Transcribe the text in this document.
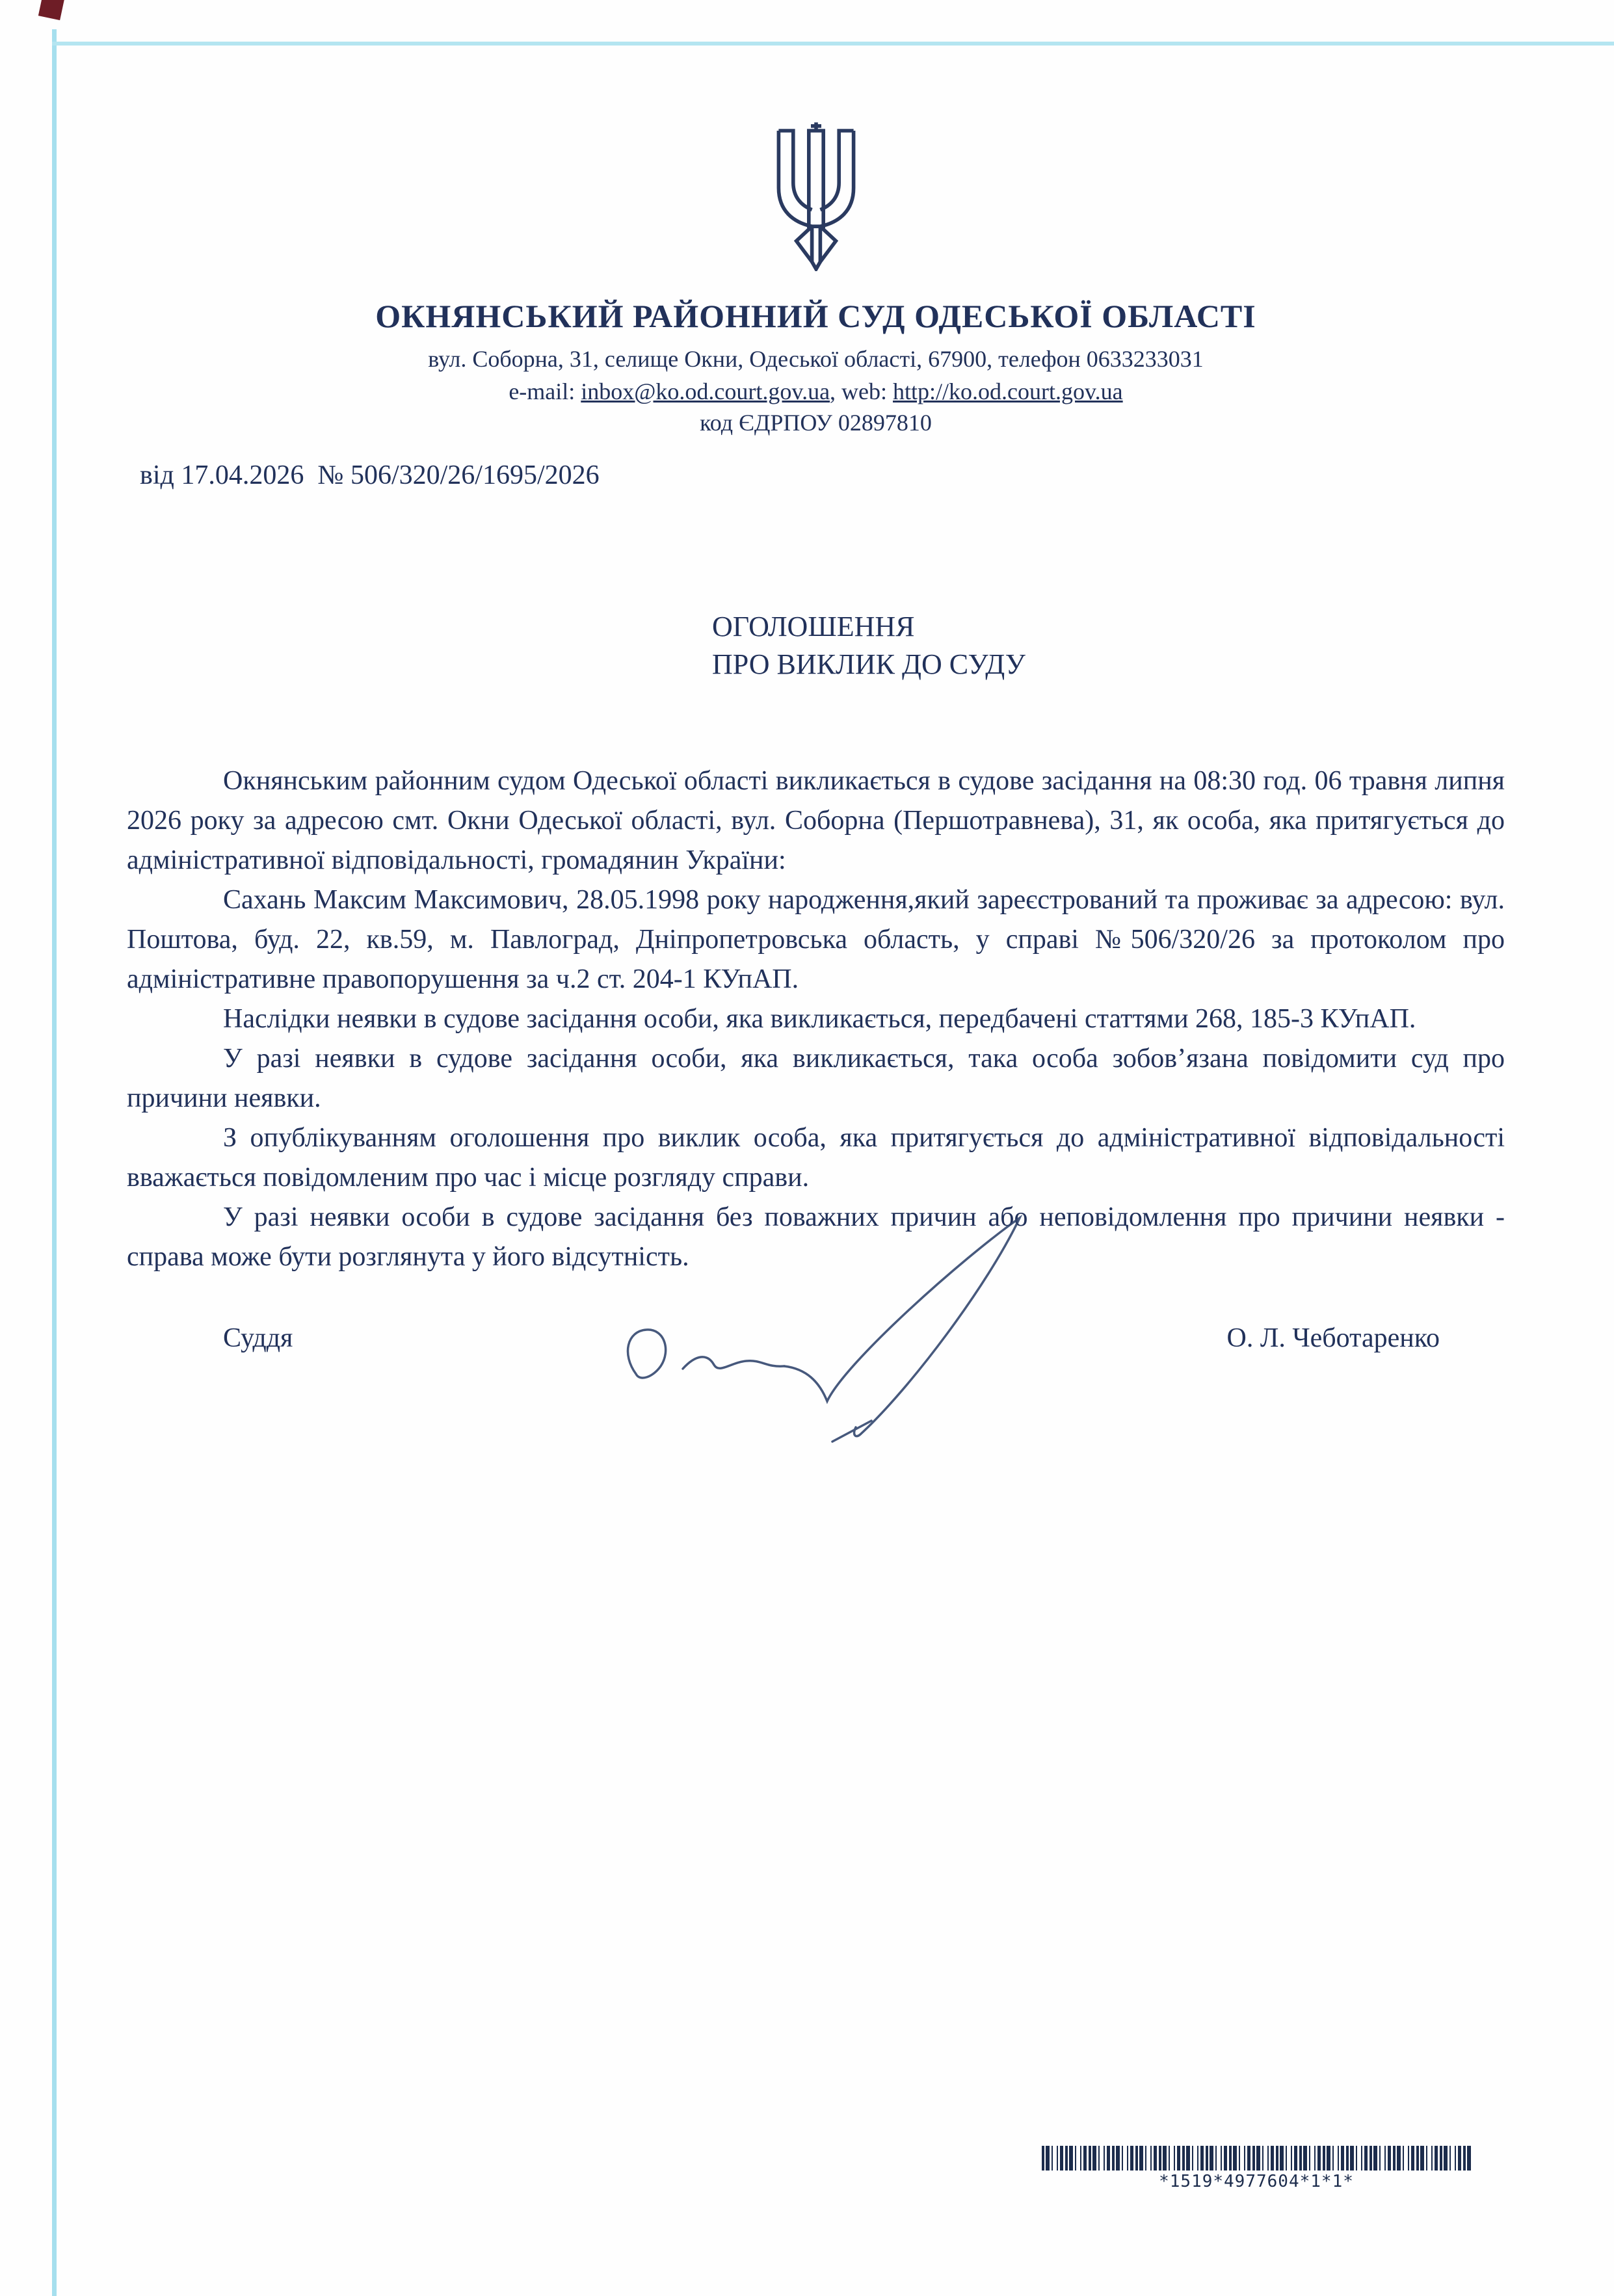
ОКНЯНСЬКИЙ РАЙОННИЙ СУД ОДЕСЬКОЇ ОБЛАСТІ
вул. Соборна, 31, селище Окни, Одеської області, 67900, телефон 0633233031
e-mail: inbox@ko.od.court.gov.ua, web: http://ko.od.court.gov.ua
код ЄДРПОУ 02897810
від 17.04.2026  № 506/320/26/1695/2026
ОГОЛОШЕННЯ
ПРО ВИКЛИК ДО СУДУ

Окнянським районним судом Одеської області викликається в судове засідання на 08:30 год. 06 травня липня 2026 року за адресою смт. Окни Одеської області, вул. Соборна (Першотравнева), 31, як особа, яка притягується до адміністративної відповідальності, громадянин України:

Сахань Максим Максимович, 28.05.1998 року народження,який зареєстрований та проживає за адресою: вул. Поштова, буд. 22, кв.59, м. Павлоград, Дніпропетровська область, у справі №506/320/26 за протоколом про адміністративне правопорушення за ч.2 ст. 204-1 КУпАП.

Наслідки неявки в судове засідання особи, яка викликається, передбачені статтями 268, 185-3 КУпАП.

У разі неявки в судове засідання особи, яка викликається, така особа зобов’язана повідомити суд про причини неявки.

З опублікуванням оголошення про виклик особа, яка притягується до адміністративної відповідальності вважається повідомленим про час і місце розгляду справи.

У разі неявки особи в судове засідання без поважних причин або неповідомлення про причини неявки - справа може бути розглянута у його відсутність.

Суддя	О. Л. Чеботаренко
*1519*4977604*1*1*
